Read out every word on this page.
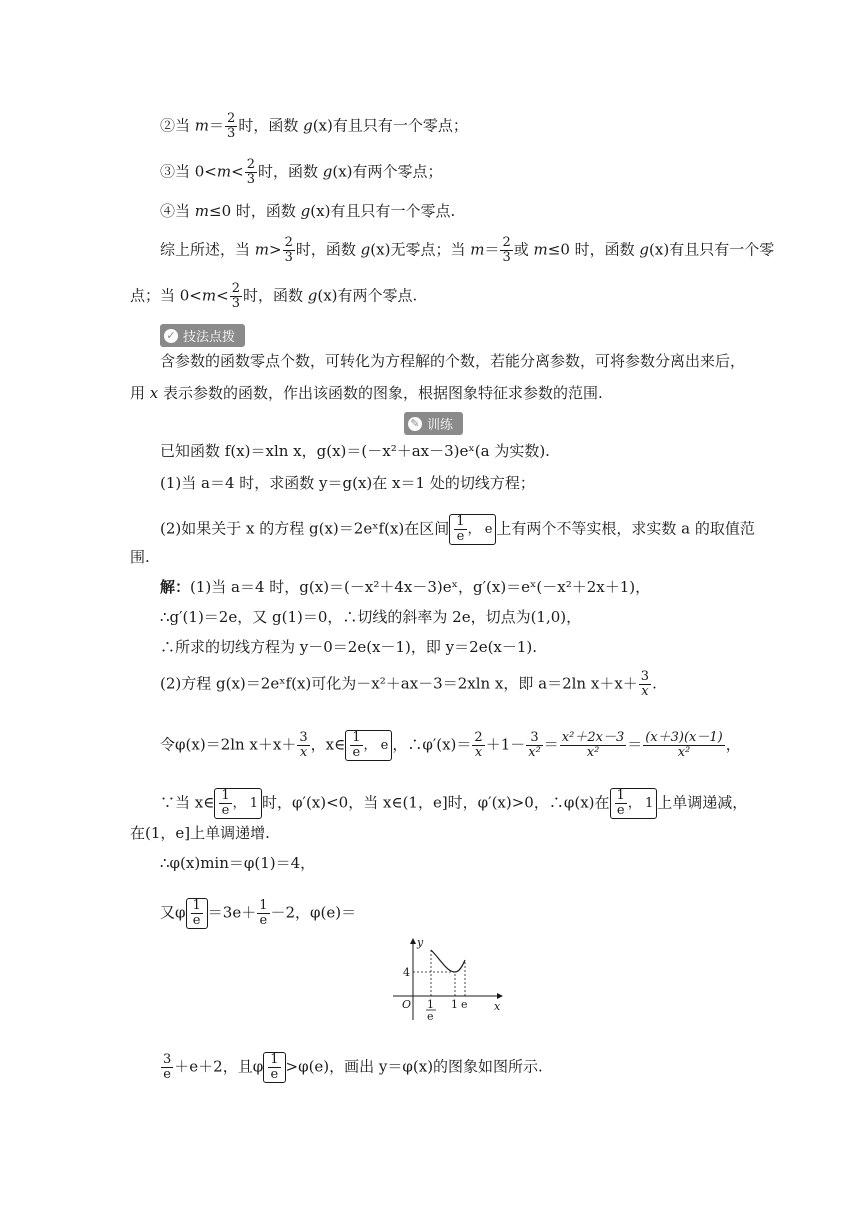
②当 $m= \frac{2}{3}$ 时，函数 g(x)有且只有一个零点；
③当 $0<m< \frac{2}{3}$ 时，函数 g(x)有两个零点；
④当 m≤0 时，函数 g(x)有且只有一个零点.
综上所述，当 $m> \frac{2}{3}$ 时，函数 g(x)无零点；当 $m= \frac{2}{3}$ 或 m≤0 时，函数 g(x)有且只有一个零
点；当 $0<m< \frac{2}{3}$ 时，函数 g(x)有两个零点.
✓ 技法点拨
含参数的函数零点个数，可转化为方程解的个数，若能分离参数，可将参数分离出来后，
用 x 表示参数的函数，作出该函数的图象，根据图象特征求参数的范围.
✎ 训练
已知函数 f(x)＝xln x，g(x)＝(－x²＋ax－3)eˣ(a 为实数).
(1)当 a＝4 时，求函数 y＝g(x)在 x＝1 处的切线方程；
(2)如果关于 x 的方程 g(x)＝2eˣf(x)在区间 $\frac{1}{e}$ ， e 上有两个不等实根，求实数 a 的取值范
围.
解：(1)当 a＝4 时，g(x)＝(－x²＋4x－3)eˣ，g′(x)＝eˣ(－x²＋2x＋1)，
∴g′(1)＝2e，又 g(1)＝0，∴切线的斜率为 2e，切点为(1,0)，
∴所求的切线方程为 y－0＝2e(x－1)，即 y＝2e(x－1).
(2)方程 g(x)＝2eˣf(x)可化为－x²＋ax－3＝2xln x，即 a＝2ln $x+x+ \frac{3}{x}$ .
令φ(x)＝2ln $x+x+ \frac{3}{x}$ ，x∈ $\frac{1}{e}$ ， e ，∴φ′(x)＝ $\frac{2}{x} +1- \frac{3}{\text{x²}} = \frac{\text{x²＋2x－3}}{\text{x²}} = \frac{(x+3)(x-1)}{\text{x²}}$ ，
∵当 x∈ $\frac{1}{e}$ ， 1 时，φ′(x)<0，当 x∈(1，e]时，φ′(x)>0，∴φ(x)在 $\frac{1}{e}$ ， 1 上单调递减，
在(1，e]上单调递增.
∴φ(x)min＝φ(1)＝4，
又φ $\frac{1}{e} =3e+ \frac{1}{e} -2$，φ(e)＝
y
x
O
4
1
e
1 e
$\frac{3}{e} +e+2$，且φ $\frac{1}{e} >\varphi(e)$，画出 y＝φ(x)的图象如图所示.
